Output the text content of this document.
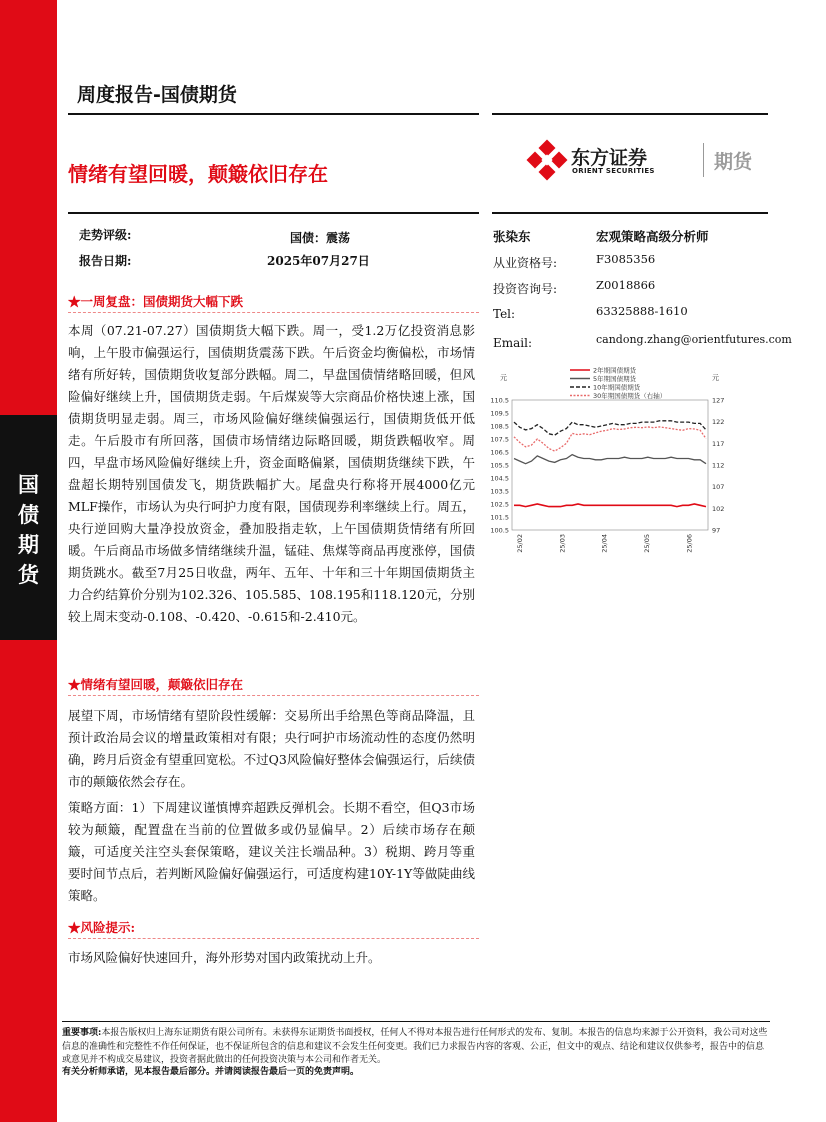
国
债
期
货
周度报告-国债期货
情绪有望回暖，颠簸依旧存在
东方证券
ORIENT SECURITIES	期货
走势评级:	国债：震荡
报告日期:	2025年07月27日
张染东	宏观策略高级分析师
从业资格号:	F3085356
投资咨询号:	Z0018866
Tel:	63325888-1610
Email:	candong.zhang@orientfutures.com
元	元
110.5
109.5
108.5
107.5
106.5
105.5
104.5
103.5
102.5
101.5
100.5
127
122
117
112
107
102
97
25/02	25/03	25/04	25/05	25/06
2年期国债期货
5年期国债期货
10年期国债期货
30年期国债期货（右轴）
★一周复盘：国债期货大幅下跌

本周（07.21-07.27）国债期货大幅下跌。周一，受1.2万亿投资消息影响，上午股市偏强运行，国债期货震荡下跌。午后资金均衡偏松，市场情绪有所好转，国债期货收复部分跌幅。周二，早盘国债情绪略回暖，但风险偏好继续上升，国债期货走弱。午后煤炭等大宗商品价格快速上涨，国债期货明显走弱。周三，市场风险偏好继续偏强运行，国债期货低开低走。午后股市有所回落，国债市场情绪边际略回暖，期货跌幅收窄。周四，早盘市场风险偏好继续上升，资金面略偏紧，国债期货继续下跌，午盘超长期特别国债发飞，期货跌幅扩大。尾盘央行称将开展4000亿元MLF操作，市场认为央行呵护力度有限，国债现券利率继续上行。周五，央行逆回购大量净投放资金，叠加股指走软，上午国债期货情绪有所回暖。午后商品市场做多情绪继续升温，锰硅、焦煤等商品再度涨停，国债期货跳水。截至7月25日收盘，两年、五年、十年和三十年期国债期货主力合约结算价分别为102.326、105.585、108.195和118.120元，分别较上周末变动-0.108、-0.420、-0.615和-2.410元。

★情绪有望回暖，颠簸依旧存在

展望下周，市场情绪有望阶段性缓解：交易所出手给黑色等商品降温，且预计政治局会议的增量政策相对有限；央行呵护市场流动性的态度仍然明确，跨月后资金有望重回宽松。不过Q3风险偏好整体会偏强运行，后续债市的颠簸依然会存在。

策略方面：1）下周建议谨慎博弈超跌反弹机会。长期不看空，但Q3市场较为颠簸，配置盘在当前的位置做多或仍显偏早。2）后续市场存在颠簸，可适度关注空头套保策略，建议关注长端品种。3）税期、跨月等重要时间节点后，若判断风险偏好偏强运行，可适度构建10Y-1Y等做陡曲线策略。

★风险提示:

市场风险偏好快速回升，海外形势对国内政策扰动上升。

重要事项:本报告版权归上海东证期货有限公司所有。未获得东证期货书面授权，任何人不得对本报告进行任何形式的发布、复制。本报告的信息均来源于公开资料，我公司对这些信息的准确性和完整性不作任何保证，也不保证所包含的信息和建议不会发生任何变更。我们已力求报告内容的客观、公正，但文中的观点、结论和建议仅供参考，报告中的信息或意见并不构成交易建议，投资者据此做出的任何投资决策与本公司和作者无关。
有关分析师承诺，见本报告最后部分。并请阅读报告最后一页的免责声明。
